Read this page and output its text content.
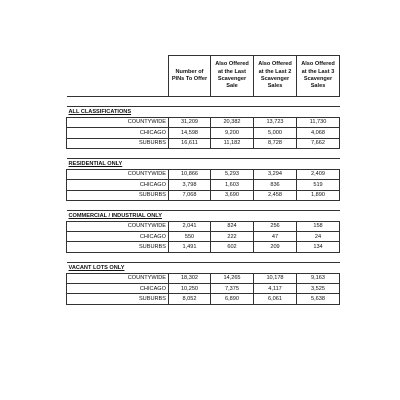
	Number of PINs To Offer	Also Offered at the Last Scavenger Sale	Also Offered at the Last 2 Scavenger Sales	Also Offered at the Last 3 Scavenger Sales

ALL CLASSIFICATIONS				
COUNTYWIDE	31,209	20,382	13,723	11,730
CHICAGO	14,598	9,200	5,000	4,068
SUBURBS	16,611	11,182	8,728	7,662

RESIDENTIAL ONLY				
COUNTYWIDE	10,866	5,293	3,294	2,409
CHICAGO	3,798	1,603	836	519
SUBURBS	7,068	3,690	2,458	1,890

COMMERCIAL / INDUSTRIAL ONLY				
COUNTYWIDE	2,041	824	256	158
CHICAGO	550	222	47	24
SUBURBS	1,491	602	209	134

VACANT LOTS ONLY				
COUNTYWIDE	18,302	14,265	10,178	9,163
CHICAGO	10,250	7,375	4,117	3,525
SUBURBS	8,052	6,890	6,061	5,638
